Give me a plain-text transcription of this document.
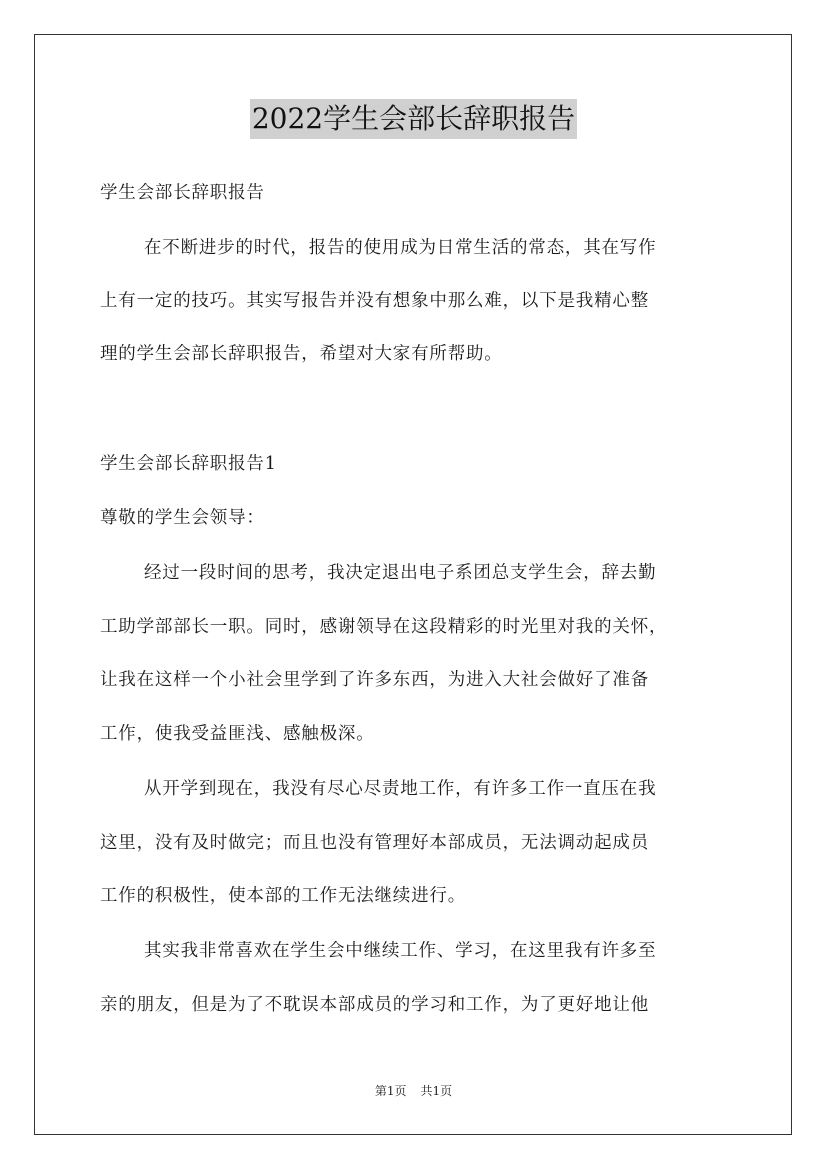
2022学生会部长辞职报告
学生会部长辞职报告
在不断进步的时代，报告的使用成为日常生活的常态，其在写作
上有一定的技巧。其实写报告并没有想象中那么难，以下是我精心整
理的学生会部长辞职报告，希望对大家有所帮助。
学生会部长辞职报告1
尊敬的学生会领导：
经过一段时间的思考，我决定退出电子系团总支学生会，辞去勤
工助学部部长一职。同时，感谢领导在这段精彩的时光里对我的关怀，
让我在这样一个小社会里学到了许多东西，为进入大社会做好了准备
工作，使我受益匪浅、感触极深。
从开学到现在，我没有尽心尽责地工作，有许多工作一直压在我
这里，没有及时做完；而且也没有管理好本部成员，无法调动起成员
工作的积极性，使本部的工作无法继续进行。
其实我非常喜欢在学生会中继续工作、学习，在这里我有许多至
亲的朋友，但是为了不耽误本部成员的学习和工作，为了更好地让他
第1页 共1页
